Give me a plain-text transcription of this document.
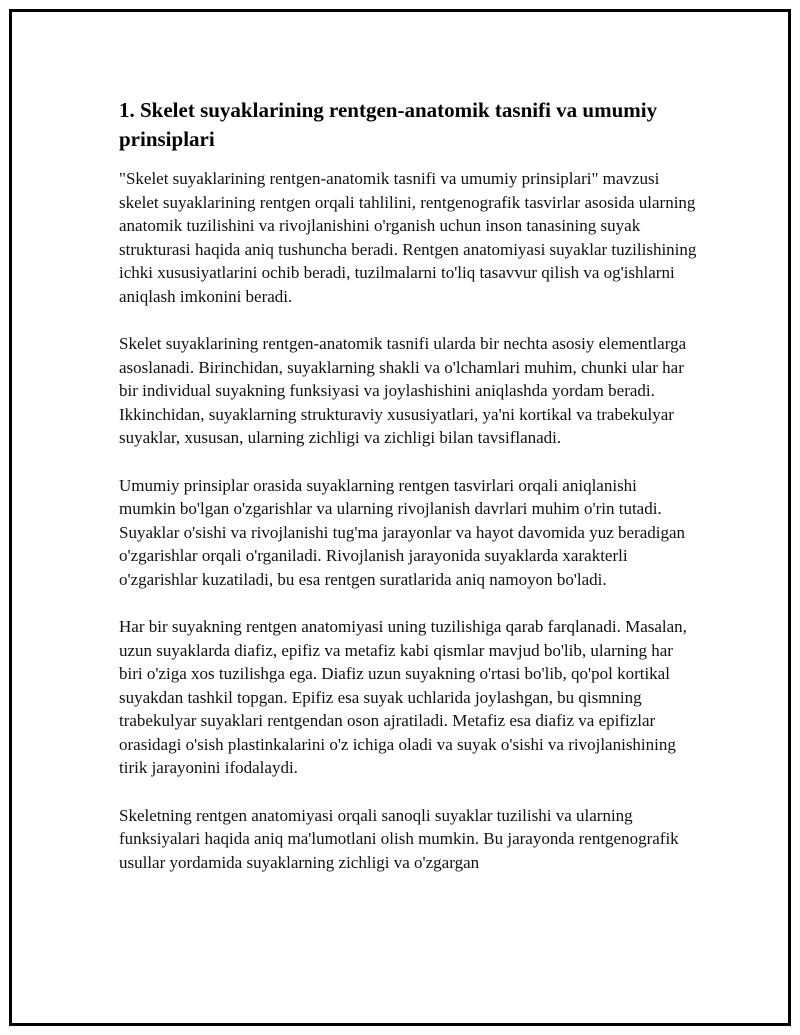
1. Skelet suyaklarining rentgen-anatomik tasnifi va umumiy prinsiplari

"Skelet suyaklarining rentgen-anatomik tasnifi va umumiy prinsiplari" mavzusi skelet suyaklarining rentgen orqali tahlilini, rentgenografik tasvirlar asosida ularning anatomik tuzilishini va rivojlanishini o'rganish uchun inson tanasining suyak strukturasi haqida aniq tushuncha beradi. Rentgen anatomiyasi suyaklar tuzilishining ichki xususiyatlarini ochib beradi, tuzilmalarni to'liq tasavvur qilish va og'ishlarni aniqlash imkonini beradi.

Skelet suyaklarining rentgen-anatomik tasnifi ularda bir nechta asosiy elementlarga asoslanadi. Birinchidan, suyaklarning shakli va o'lchamlari muhim, chunki ular har bir individual suyakning funksiyasi va joylashishini aniqlashda yordam beradi. Ikkinchidan, suyaklarning strukturaviy xususiyatlari, ya'ni kortikal va trabekulyar suyaklar, xususan, ularning zichligi va zichligi bilan tavsiflanadi.

Umumiy prinsiplar orasida suyaklarning rentgen tasvirlari orqali aniqlanishi mumkin bo'lgan o'zgarishlar va ularning rivojlanish davrlari muhim o'rin tutadi. Suyaklar o'sishi va rivojlanishi tug'ma jarayonlar va hayot davomida yuz beradigan o'zgarishlar orqali o'rganiladi. Rivojlanish jarayonida suyaklarda xarakterli o'zgarishlar kuzatiladi, bu esa rentgen suratlarida aniq namoyon bo'ladi.

Har bir suyakning rentgen anatomiyasi uning tuzilishiga qarab farqlanadi. Masalan, uzun suyaklarda diafiz, epifiz va metafiz kabi qismlar mavjud bo'lib, ularning har biri o'ziga xos tuzilishga ega. Diafiz uzun suyakning o'rtasi bo'lib, qo'pol kortikal suyakdan tashkil topgan. Epifiz esa suyak uchlarida joylashgan, bu qismning trabekulyar suyaklari rentgendan oson ajratiladi. Metafiz esa diafiz va epifizlar orasidagi o'sish plastinkalarini o'z ichiga oladi va suyak o'sishi va rivojlanishining tirik jarayonini ifodalaydi.

Skeletning rentgen anatomiyasi orqali sanoqli suyaklar tuzilishi va ularning funksiyalari haqida aniq ma'lumotlani olish mumkin. Bu jarayonda rentgenografik usullar yordamida suyaklarning zichligi va o'zgargan
